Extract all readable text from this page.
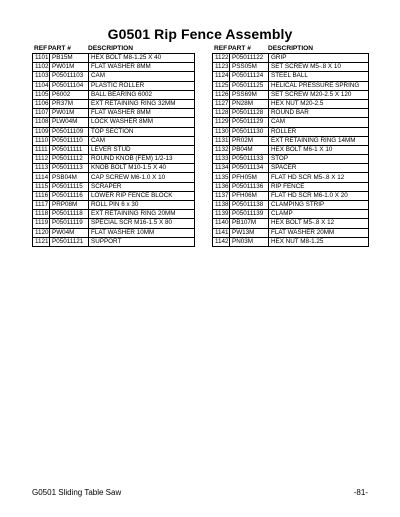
G0501 Rip Fence Assembly
REF PART #	DESCRIPTION
1101	PB15M	HEX BOLT M8-1.25 X 40
1102	PW01M	FLAT WASHER 8MM
1103	P05011103	CAM
1104	P05011104	PLASTIC ROLLER
1105	P6002	BALL BEARING 6002
1106	PR37M	EXT RETAINING RING 32MM
1107	PW01M	FLAT WASHER 8MM
1108	PLW04M	LOCK WASHER 8MM
1109	P05011109	TOP SECTION
1110	P05011110	CAM
1111	P05011111	LEVER STUD
1112	P05011112	ROUND KNOB (FEM) 1/2-13
1113	P05011113	KNOB BOLT M10-1.5 X 40
1114	PSB04M	CAP SCREW M6-1.0 X 10
1115	P05011115	SCRAPER
1116	P05011116	LOWER RIP FENCE BLOCK
1117	PRP08M	ROLL PIN 6 x 30
1118	P05011118	EXT RETAINING RING 20MM
1119	P05011119	SPECIAL SCR M16-1.5 X 80
1120	PW04M	FLAT WASHER 10MM
1121	P05011121	SUPPORT
REF PART #	DESCRIPTION
1122	P05011122	GRIP
1123	PSS05M	SET SCREW M5-.8 X 10
1124	P05011124	STEEL BALL
1125	P05011125	HELICAL PRESSURE SPRING
1126	PSS69M	SET SCREW M20-2.5 X 120
1127	PN28M	HEX NUT M20-2.5
1128	P05011128	ROUND BAR
1129	P05011129	CAM
1130	P05011130	ROLLER
1131	PR02M	EXT RETAINING RING 14MM
1132	PB04M	HEX BOLT M6-1 X 10
1133	P05011133	STOP
1134	P05011134	SPACER
1135	PFH05M	FLAT HD SCR M5-.8 X 12
1136	P05011136	RIP FENCE
1137	PFH06M	FLAT HD SCR M6-1.0 X 20
1138	P05011138	CLAMPING STRIP
1139	P05011139	CLAMP
1140	PB107M	HEX BOLT M5-.8 X 12
1141	PW13M	FLAT WASHER 20MM
1142	PN03M	HEX NUT M8-1.25
G0501 Sliding Table Saw	-81-
